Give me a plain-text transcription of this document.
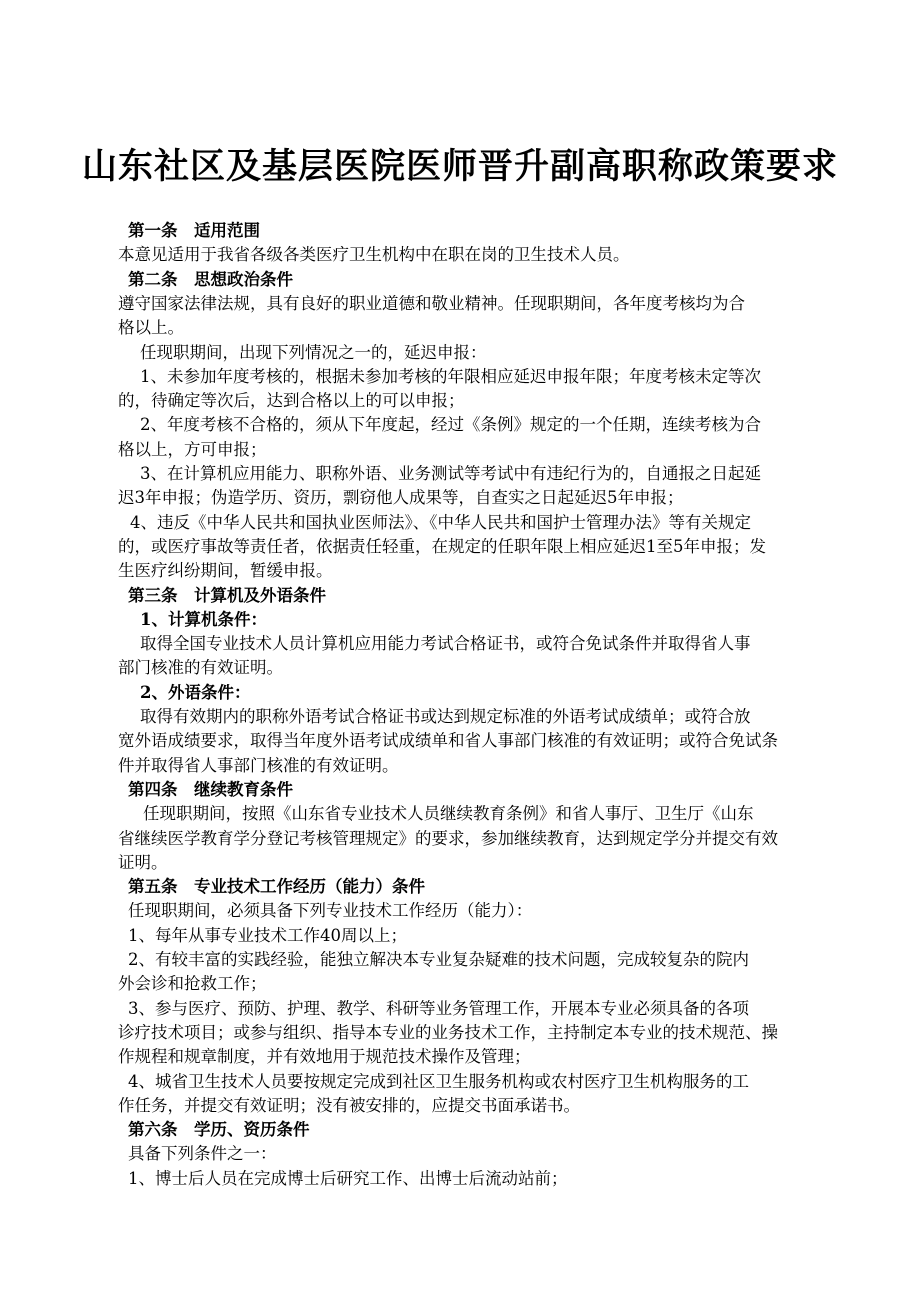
山东社区及基层医院医师晋升副高职称政策要求
第一条　适用范围
本意见适用于我省各级各类医疗卫生机构中在职在岗的卫生技术人员。
第二条　思想政治条件
遵守国家法律法规，具有良好的职业道德和敬业精神。任现职期间，各年度考核均为合
格以上。
任现职期间，出现下列情况之一的，延迟申报：
1、未参加年度考核的，根据未参加考核的年限相应延迟申报年限；年度考核未定等次
的，待确定等次后，达到合格以上的可以申报；
2、年度考核不合格的，须从下年度起，经过《条例》规定的一个任期，连续考核为合
格以上，方可申报；
3、在计算机应用能力、职称外语、业务测试等考试中有违纪行为的，自通报之日起延
迟3年申报；伪造学历、资历，剽窃他人成果等，自查实之日起延迟5年申报；
4、违反《中华人民共和国执业医师法》、《中华人民共和国护士管理办法》等有关规定
的，或医疗事故等责任者，依据责任轻重，在规定的任职年限上相应延迟1至5年申报；发
生医疗纠纷期间，暂缓申报。
第三条　计算机及外语条件
1、计算机条件：
取得全国专业技术人员计算机应用能力考试合格证书，或符合免试条件并取得省人事
部门核准的有效证明。
2、外语条件：
取得有效期内的职称外语考试合格证书或达到规定标准的外语考试成绩单；或符合放
宽外语成绩要求，取得当年度外语考试成绩单和省人事部门核准的有效证明；或符合免试条
件并取得省人事部门核准的有效证明。
第四条　继续教育条件
任现职期间，按照《山东省专业技术人员继续教育条例》和省人事厅、卫生厅《山东
省继续医学教育学分登记考核管理规定》的要求，参加继续教育，达到规定学分并提交有效
证明。
第五条　专业技术工作经历（能力）条件
任现职期间，必须具备下列专业技术工作经历（能力）：
1、每年从事专业技术工作40周以上；
2、有较丰富的实践经验，能独立解决本专业复杂疑难的技术问题，完成较复杂的院内
外会诊和抢救工作；
3、参与医疗、预防、护理、教学、科研等业务管理工作，开展本专业必须具备的各项
诊疗技术项目；或参与组织、指导本专业的业务技术工作，主持制定本专业的技术规范、操
作规程和规章制度，并有效地用于规范技术操作及管理；
4、城省卫生技术人员要按规定完成到社区卫生服务机构或农村医疗卫生机构服务的工
作任务，并提交有效证明；没有被安排的，应提交书面承诺书。
第六条　学历、资历条件
具备下列条件之一：
1、博士后人员在完成博士后研究工作、出博士后流动站前；
